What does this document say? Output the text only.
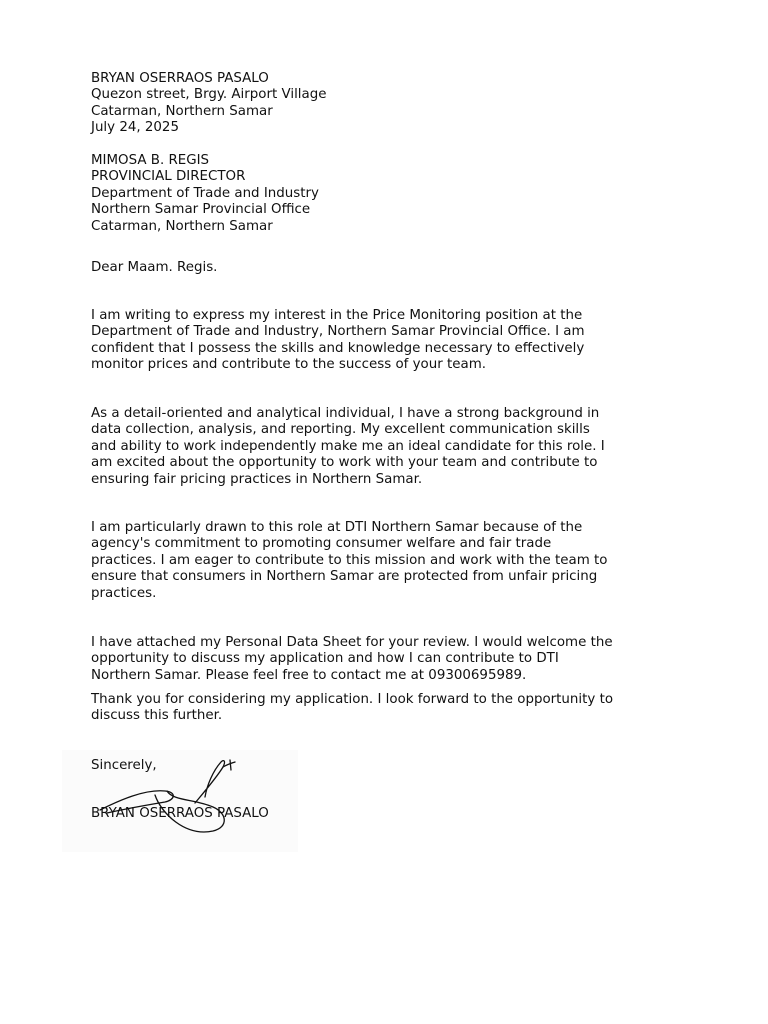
BRYAN OSERRAOS PASALO
Quezon street, Brgy. Airport Village
Catarman, Northern Samar
July 24, 2025
MIMOSA B. REGIS
PROVINCIAL DIRECTOR
Department of Trade and Industry
Northern Samar Provincial Office
Catarman, Northern Samar

Dear Maam. Regis.

I am writing to express my interest in the Price Monitoring position at the
Department of Trade and Industry, Northern Samar Provincial Office. I am
confident that I possess the skills and knowledge necessary to effectively
monitor prices and contribute to the success of your team.
As a detail-oriented and analytical individual, I have a strong background in
data collection, analysis, and reporting. My excellent communication skills
and ability to work independently make me an ideal candidate for this role. I
am excited about the opportunity to work with your team and contribute to
ensuring fair pricing practices in Northern Samar.
I am particularly drawn to this role at DTI Northern Samar because of the
agency's commitment to promoting consumer welfare and fair trade
practices. I am eager to contribute to this mission and work with the team to
ensure that consumers in Northern Samar are protected from unfair pricing
practices.
I have attached my Personal Data Sheet for your review. I would welcome the
opportunity to discuss my application and how I can contribute to DTI
Northern Samar. Please feel free to contact me at 09300695989.
Thank you for considering my application. I look forward to the opportunity to
discuss this further.

Sincerely,

BRYAN OSERRAOS PASALO
